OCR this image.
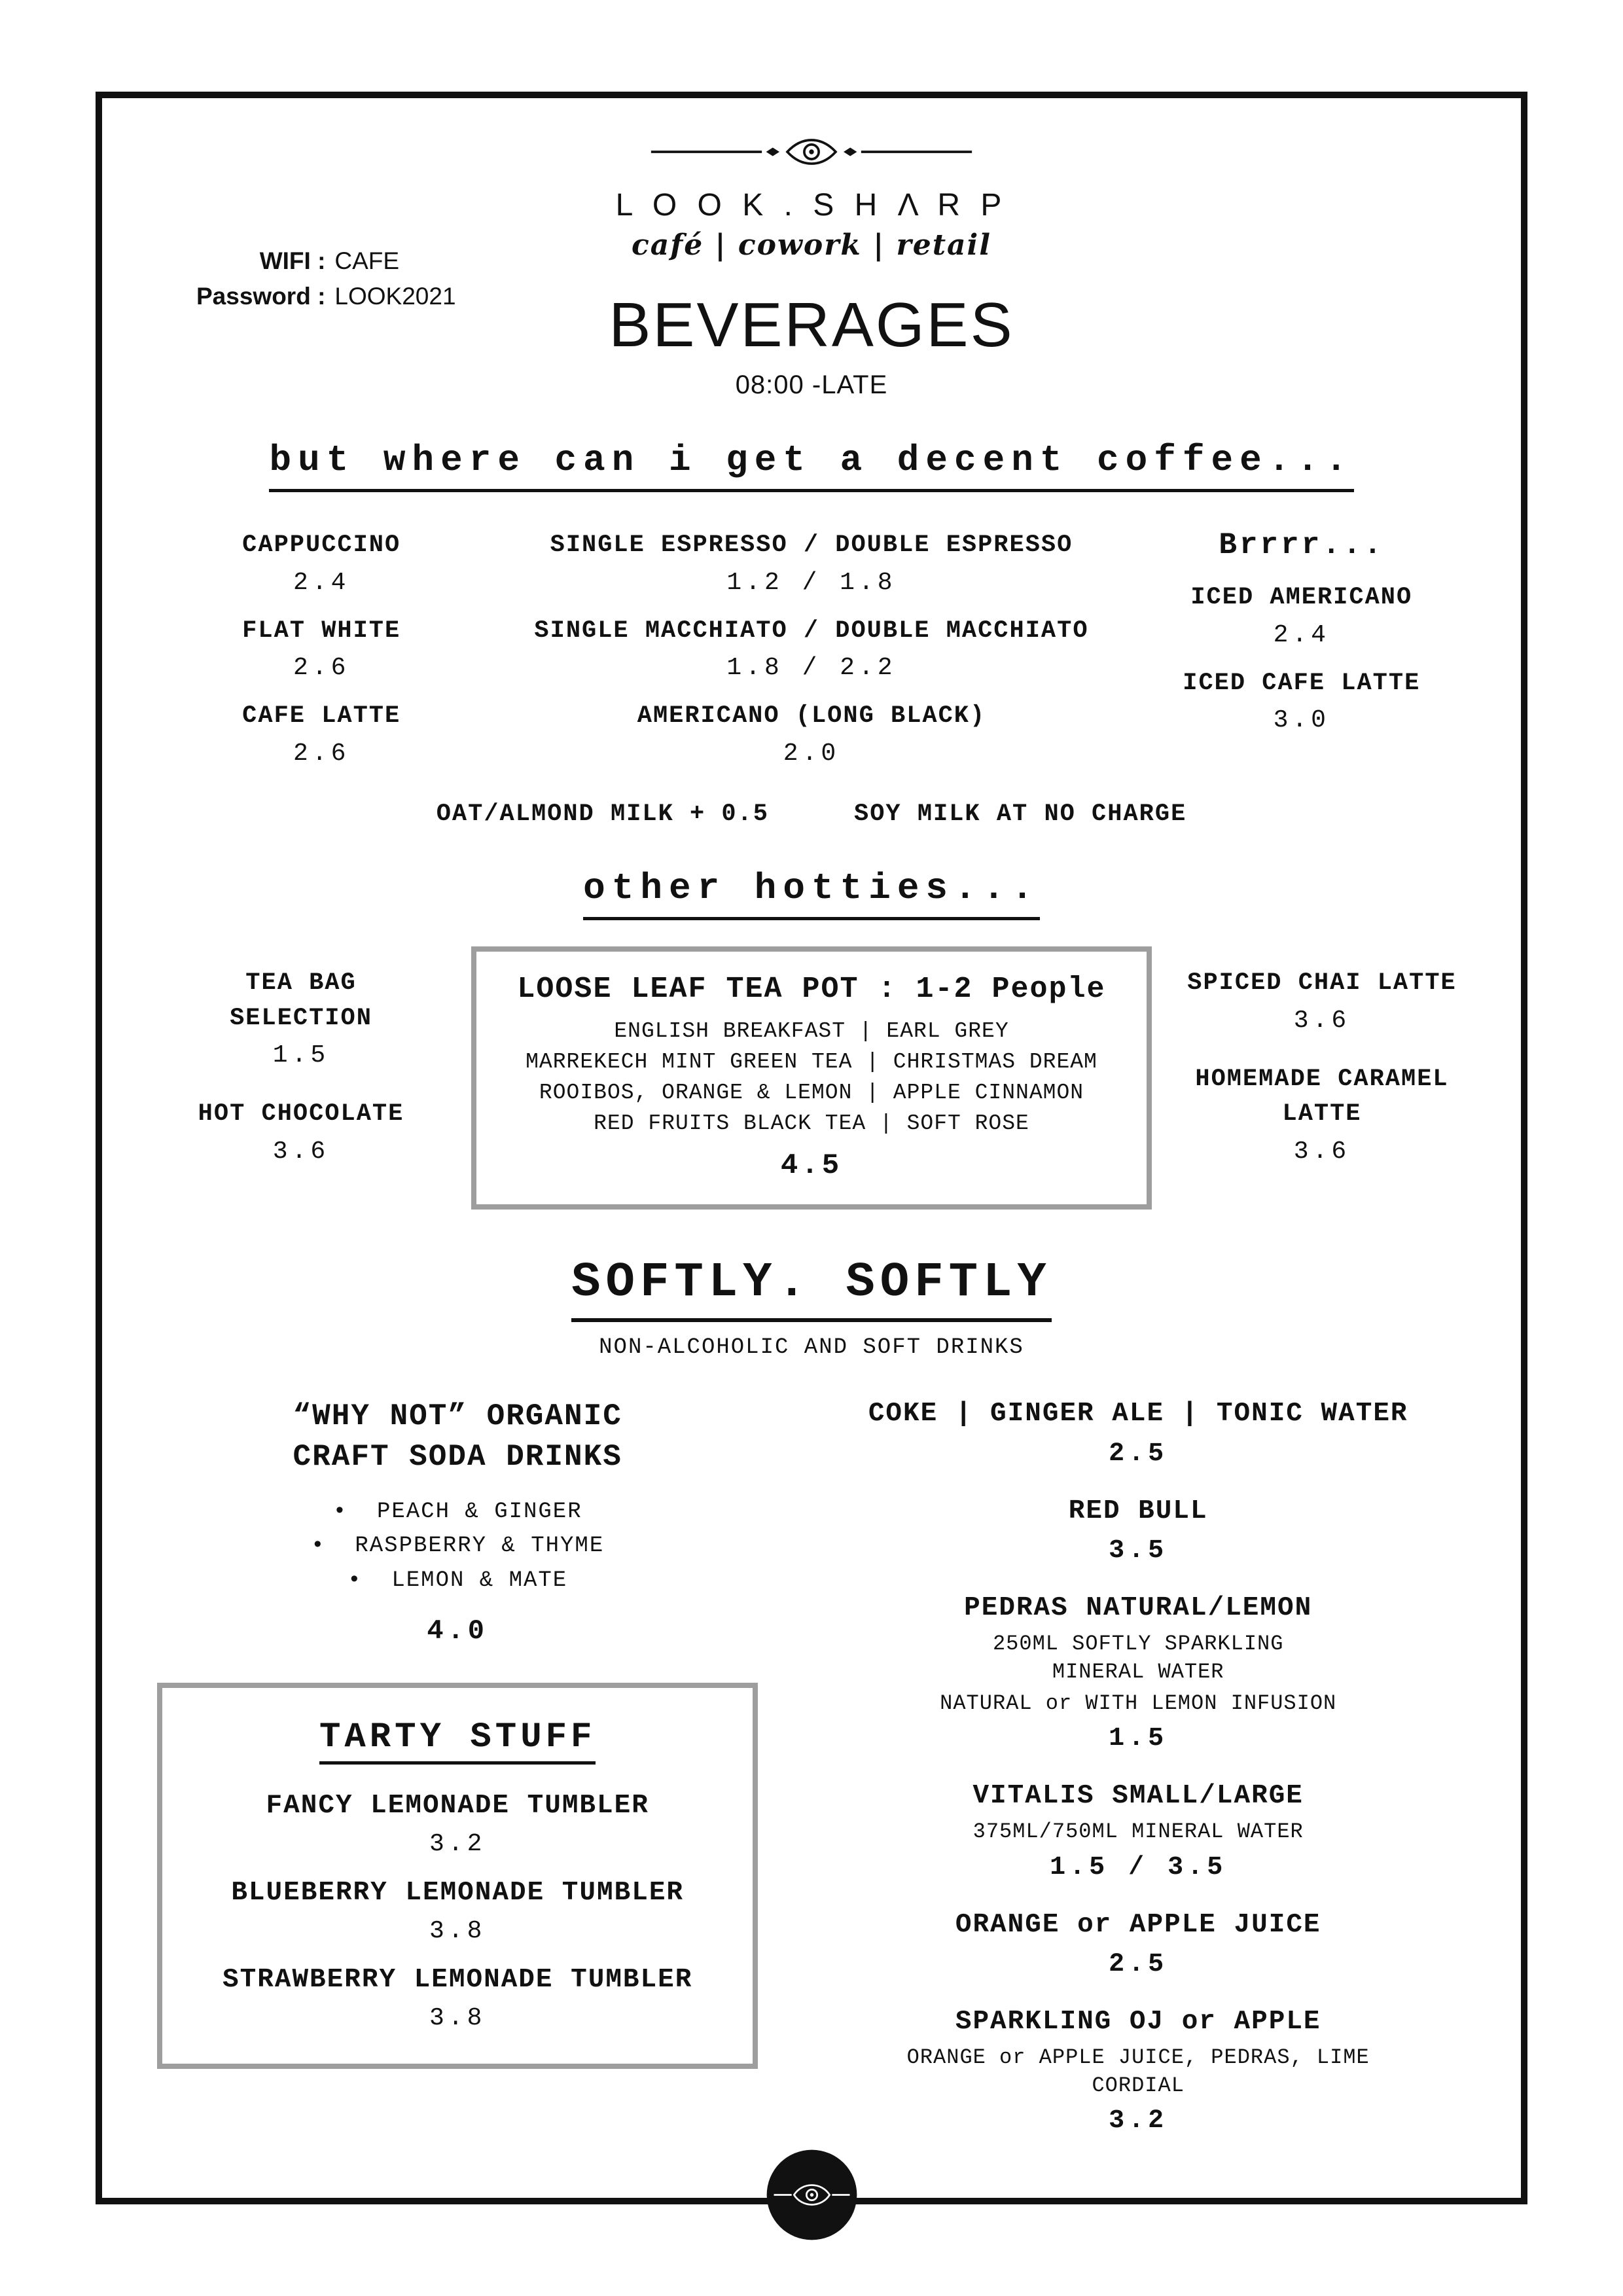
WIFI : CAFE
Password : LOOK2021
L O O K . S H Λ R P
café | cowork | retail
BEVERAGES
08:00 -LATE
but where can i get a decent coffee...
CAPPUCCINO
2.4
FLAT WHITE
2.6
CAFE LATTE
2.6
SINGLE ESPRESSO / DOUBLE ESPRESSO
1.2 / 1.8
SINGLE MACCHIATO / DOUBLE MACCHIATO
1.8 / 2.2
AMERICANO (LONG BLACK)
2.0
Brrrr...
ICED AMERICANO
2.4
ICED CAFE LATTE
3.0
OAT/ALMOND MILK + 0.5	SOY MILK AT NO CHARGE
other hotties...
TEA BAG SELECTION
1.5
HOT CHOCOLATE
3.6
LOOSE LEAF TEA POT : 1-2 People
ENGLISH BREAKFAST | EARL GREY
MARREKECH MINT GREEN TEA | CHRISTMAS DREAM
ROOIBOS, ORANGE & LEMON | APPLE CINNAMON
RED FRUITS BLACK TEA | SOFT ROSE
4.5
SPICED CHAI LATTE
3.6
HOMEMADE CARAMEL LATTE
3.6
SOFTLY. SOFTLY
NON-ALCOHOLIC AND SOFT DRINKS
“WHY NOT” ORGANIC CRAFT SODA DRINKS
•  PEACH & GINGER
•  RASPBERRY & THYME
•  LEMON & MATE
4.0
TARTY STUFF
FANCY LEMONADE TUMBLER
3.2
BLUEBERRY LEMONADE TUMBLER
3.8
STRAWBERRY LEMONADE TUMBLER
3.8
COKE | GINGER ALE | TONIC WATER
2.5
RED BULL
3.5
PEDRAS NATURAL/LEMON
250ML SOFTLY SPARKLING MINERAL WATER
NATURAL or WITH LEMON INFUSION
1.5
VITALIS SMALL/LARGE
375ML/750ML MINERAL WATER
1.5 / 3.5
ORANGE or APPLE JUICE
2.5
SPARKLING OJ or APPLE
ORANGE or APPLE JUICE, PEDRAS, LIME CORDIAL
3.2
